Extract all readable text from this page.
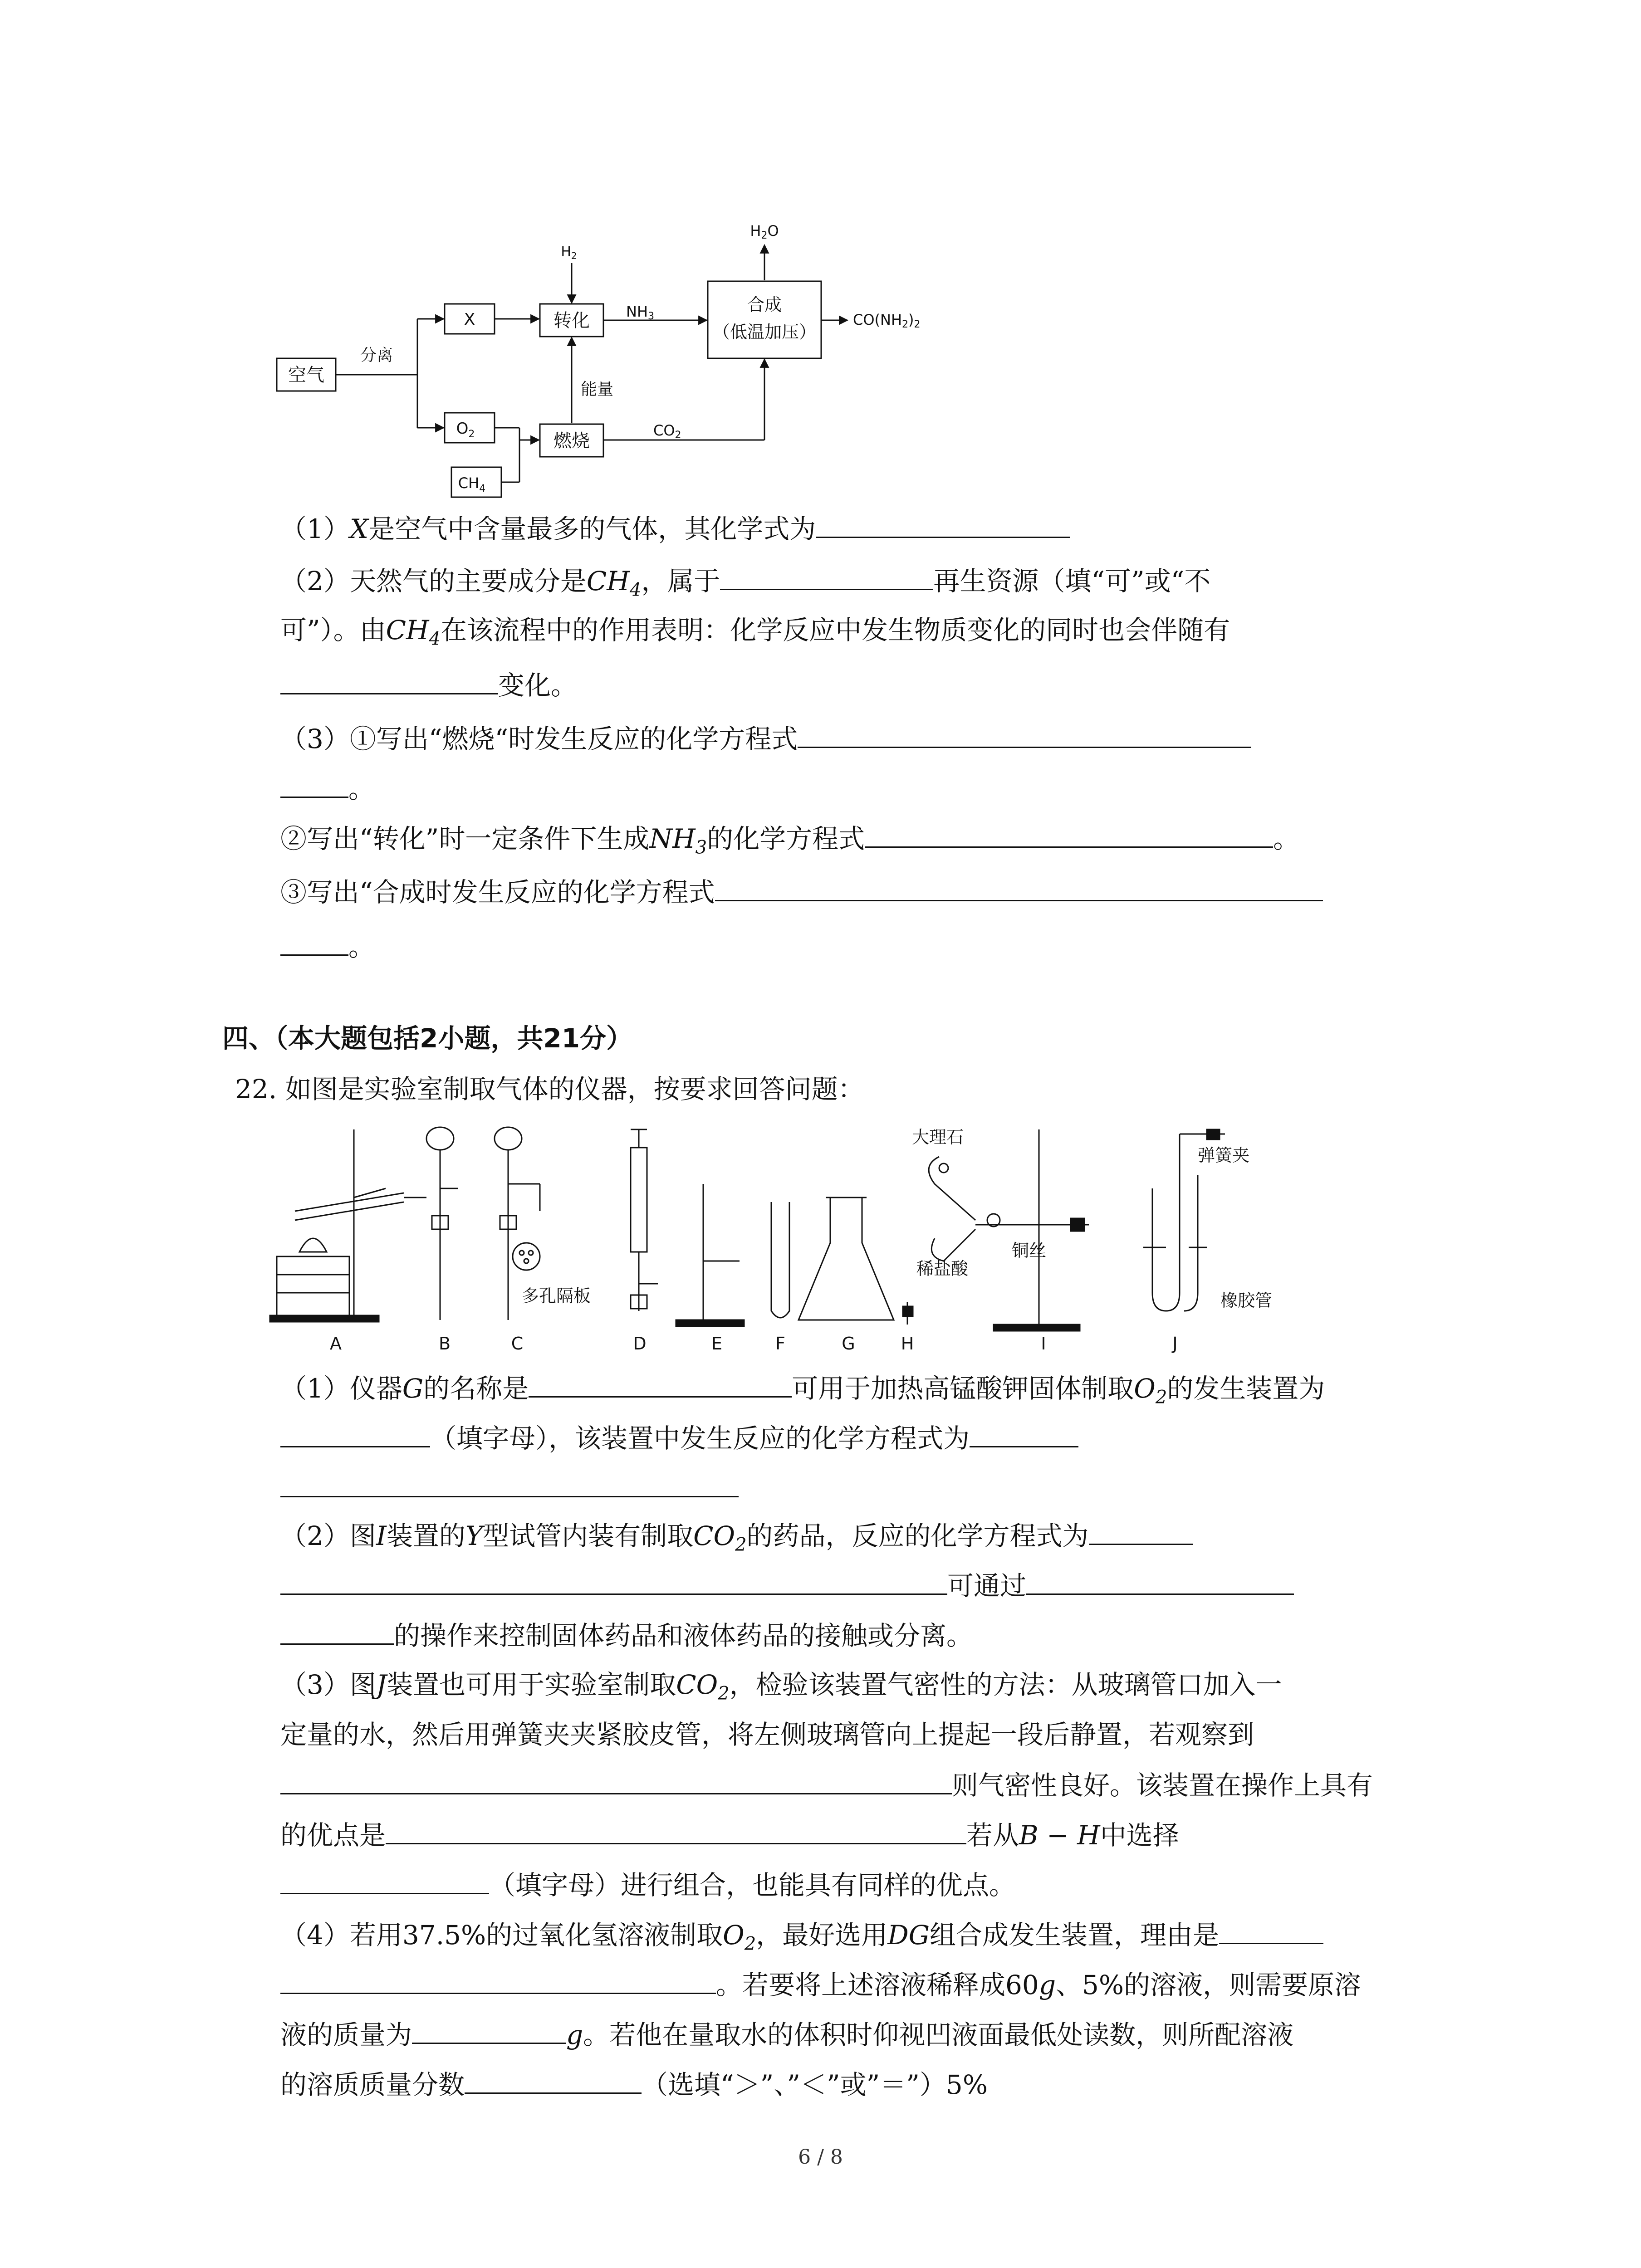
空气
分离
X
$O_2$
$CH_4$
$H_2$
转化	NH3
能量
燃烧	CO2
合成
（低温加压）
H2O
CO(NH2)2
（1）X是空气中含量最多的气体，其化学式为
（2）天然气的主要成分是$CH_4$，属于	再生资源（填“可”或“不
可”）。由$CH_4$在该流程中的作用表明：化学反应中发生物质变化的同时也会伴随有
变化。
（3）①写出“燃烧“时发生反应的化学方程式
。
②写出“转化”时一定条件下生成$NH_3$的化学方程式	。
③写出“合成时发生反应的化学方程式
。
四、（本大题包括2小题，共21分）
22. 如图是实验室制取气体的仪器，按要求回答问题：
大理石
铜丝
稀盐酸
多孔隔板
弹簧夹
橡胶管
A	B	C	D	E	F	G	H	I	J
（1）仪器G的名称是	可用于加热高锰酸钾固体制取$O_2$的发生装置为
（填字母），该装置中发生反应的化学方程式为
（2）图I装置的Y型试管内装有制取$CO_2$的药品，反应的化学方程式为
可通过
的操作来控制固体药品和液体药品的接触或分离。
（3）图J装置也可用于实验室制取$CO_2$，检验该装置气密性的方法：从玻璃管口加入一
定量的水，然后用弹簧夹夹紧胶皮管，将左侧玻璃管向上提起一段后静置，若观察到
则气密性良好。该装置在操作上具有
的优点是	若从B − H中选择
（填字母）进行组合，也能具有同样的优点。
（4）若用37.5%的过氧化氢溶液制取$O_2$，最好选用DG组合成发生装置，理由是
。若要将上述溶液稀释成60g、5%的溶液，则需要原溶
液的质量为	g。若他在量取水的体积时仰视凹液面最低处读数，则所配溶液
的溶质质量分数	（选填“＞”、”＜”或”＝”）5%
6 / 8
